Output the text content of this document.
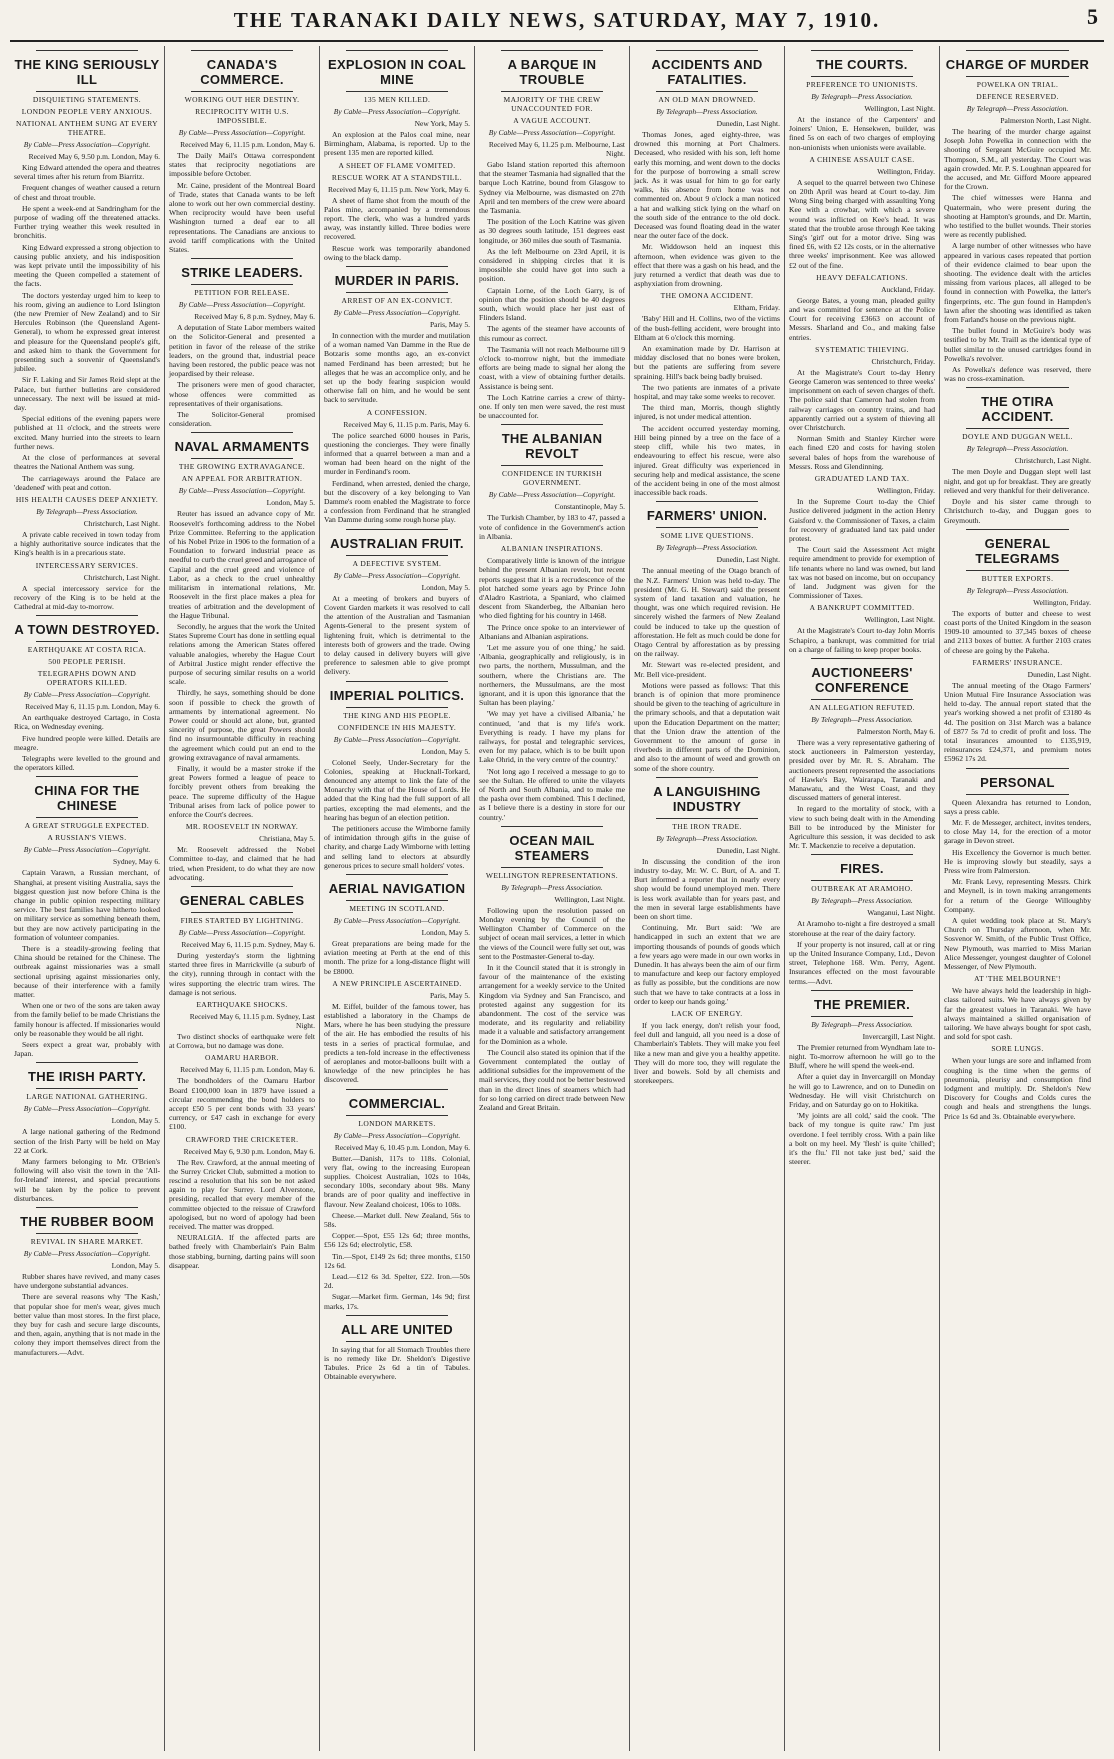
THE TARANAKI DAILY NEWS, SATURDAY, MAY 7, 1910.	5
THE KING SERIOUSLY ILL
DISQUIETING STATEMENTS.
LONDON PEOPLE VERY ANXIOUS.
NATIONAL ANTHEM SUNG AT EVERY THEATRE.
By Cable—Press Association—Copyright.
Received May 6, 9.50 p.m. London, May 6.

King Edward attended the opera and theatres several times after his return from Biarritz.

Frequent changes of weather caused a return of chest and throat trouble.

He spent a week-end at Sandringham for the purpose of wading off the threatened attacks. Further trying weather this week resulted in bronchitis.

King Edward expressed a strong objection to causing public anxiety, and his indisposition was kept private until the impossibility of his meeting the Queen compelled a statement of the facts.

The doctors yesterday urged him to keep to his room, giving an audience to Lord Islington (the new Premier of New Zealand) and to Sir Hercules Robinson (the Queensland Agent-General), to whom he expressed great interest and pleasure for the Queensland people's gift, and asked him to thank the Government for presenting such a souvenir of Queensland's jubilee.

Sir F. Laking and Sir James Reid slept at the Palace, but further bulletins are considered unnecessary. The next will be issued at mid-day.

Special editions of the evening papers were published at 11 o'clock, and the streets were excited. Many hurried into the streets to learn further news.

At the close of performances at several theatres the National Anthem was sung.

The carriageways around the Palace are 'deadened' with peat and cotton.

HIS HEALTH CAUSES DEEP ANXIETY.
By Telegraph—Press Association.
Christchurch, Last Night.

A private cable received in town today from a highly authoritative source indicates that the King's health is in a precarious state.

INTERCESSARY SERVICES.
Christchurch, Last Night.

A special intercessory service for the recovery of the King is to be held at the Cathedral at mid-day to-morrow.

A TOWN DESTROYED.
EARTHQUAKE AT COSTA RICA.
500 PEOPLE PERISH.
TELEGRAPHS DOWN AND OPERATORS KILLED.
By Cable—Press Association—Copyright.
Received May 6, 11.15 p.m. London, May 6.

An earthquake destroyed Cartago, in Costa Rica, on Wednesday evening.

Five hundred people were killed. Details are meagre.

Telegraphs were levelled to the ground and the operators killed.

CHINA FOR THE CHINESE
A GREAT STRUGGLE EXPECTED.
A RUSSIAN'S VIEWS.
By Cable—Press Association—Copyright.
Sydney, May 6.

Captain Varawn, a Russian merchant, of Shanghai, at present visiting Australia, says the biggest question just now before China is the change in public opinion respecting military service. The best families have hitherto looked on military service as something beneath them, but they are now actively participating in the formation of volunteer companies.

There is a steadily-growing feeling that China should be retained for the Chinese. The outbreak against missionaries was a small sectional uprising against missionaries only, because of their interference with a family matter.

When one or two of the sons are taken away from the family belief to be made Christians the family honour is affected. If missionaries would only be reasonable they would be all right.

Seers expect a great war, probably with Japan.

THE IRISH PARTY.
LARGE NATIONAL GATHERING.
By Cable—Press Association—Copyright.
London, May 5.

A large national gathering of the Redmond section of the Irish Party will be held on May 22 at Cork.

Many farmers belonging to Mr. O'Brien's following will also visit the town in the 'All-for-Ireland' interest, and special precautions will be taken by the police to prevent disturbances.

THE RUBBER BOOM
REVIVAL IN SHARE MARKET.
By Cable—Press Association—Copyright.
London, May 5.

Rubber shares have revived, and many cases have undergone substantial advances.

There are several reasons why 'The Kash,' that popular shoe for men's wear, gives much better value than most stores. In the first place, they buy for cash and secure large discounts, and then, again, anything that is not made in the colony they import themselves direct from the manufacturers.—Advt.

CANADA'S COMMERCE.
WORKING OUT HER DESTINY.
RECIPROCITY WITH U.S. IMPOSSIBLE.
By Cable—Press Association—Copyright.
Received May 6, 11.15 p.m. London, May 6.

The Daily Mail's Ottawa correspondent states that reciprocity negotiations are impossible before October.

Mr. Caine, president of the Montreal Board of Trade, states that Canada wants to be left alone to work out her own commercial destiny. When reciprocity would have been useful Washington turned a deaf ear to all representations. The Canadians are anxious to avoid tariff complications with the United States.

STRIKE LEADERS.
PETITION FOR RELEASE.
By Cable—Press Association—Copyright.
Received May 6, 8 p.m. Sydney, May 6.

A deputation of State Labor members waited on the Solicitor-General and presented a petition in favor of the release of the strike leaders, on the ground that, industrial peace having been restored, the public peace was not jeopardised by their release.

The prisoners were men of good character, whose offences were committed as representatives of their organisations.

The Solicitor-General promised consideration.

NAVAL ARMAMENTS
THE GROWING EXTRAVAGANCE.
AN APPEAL FOR ARBITRATION.
By Cable—Press Association—Copyright.
London, May 5.

Reuter has issued an advance copy of Mr. Roosevelt's forthcoming address to the Nobel Prize Committee. Referring to the application of his Nobel Prize in 1906 to the formation of a Foundation to forward industrial peace as needful to curb the cruel greed and arrogance of Capital and the cruel greed and violence of Labor, as a check to the cruel unhealthy militarism in international relations, Mr. Roosevelt in the first place makes a plea for treaties of arbitration and the development of the Hague Tribunal.

Secondly, he argues that the work the United States Supreme Court has done in settling equal relations among the American States offered valuable analogies, whereby the Hague Court of Arbitral Justice might render effective the purpose of securing similar results on a world scale.

Thirdly, he says, something should be done soon if possible to check the growth of armaments by international agreement. No Power could or should act alone, but, granted sincerity of purpose, the great Powers should find no insurmountable difficulty in reaching the agreement which could put an end to the growing extravagance of naval armaments.

Finally, it would be a master stroke if the great Powers formed a league of peace to forcibly prevent others from breaking the peace. The supreme difficulty of the Hague Tribunal arises from lack of police power to enforce the Court's decrees.

MR. ROOSEVELT IN NORWAY.
Christiana, May 5.

Mr. Roosevelt addressed the Nobel Committee to-day, and claimed that he had tried, when President, to do what they are now advocating.

GENERAL CABLES
FIRES STARTED BY LIGHTNING.
By Cable—Press Association—Copyright.
Received May 6, 11.15 p.m. Sydney, May 6.

During yesterday's storm the lightning started three fires in Marrickville (a suburb of the city), running through in contact with the wires supporting the electric tram wires. The damage is not serious.

EARTHQUAKE SHOCKS.
Received May 6, 11.15 p.m. Sydney, Last Night.

Two distinct shocks of earthquake were felt at Corrowa, but no damage was done.

OAMARU HARBOR.
Received May 6, 11.15 p.m. London, May 6.

The bondholders of the Oamaru Harbor Board £100,000 loan in 1879 have issued a circular recommending the bond holders to accept £50 5 per cent bonds with 33 years' currency, or £47 cash in exchange for every £100.

CRAWFORD THE CRICKETER.
Received May 6, 9.30 p.m. London, May 6.

The Rev. Crawford, at the annual meeting of the Surrey Cricket Club, submitted a motion to rescind a resolution that his son be not asked again to play for Surrey. Lord Alverstone, presiding, recalled that every member of the committee objected to the reissue of Crawford apologised, but no word of apology had been received. The matter was dropped.

NEURALGIA. If the affected parts are bathed freely with Chamberlain's Pain Balm those stabbing, burning, darting pains will soon disappear.

EXPLOSION IN COAL MINE
135 MEN KILLED.
By Cable—Press Association—Copyright.
New York, May 5.

An explosion at the Palos coal mine, near Birmingham, Alabama, is reported. Up to the present 135 men are reported killed.

A SHEET OF FLAME VOMITED.
RESCUE WORK AT A STANDSTILL.
Received May 6, 11.15 p.m. New York, May 6.

A sheet of flame shot from the mouth of the Palos mine, accompanied by a tremendous report. The clerk, who was a hundred yards away, was instantly killed. Three bodies were recovered.

Rescue work was temporarily abandoned owing to the black damp.

MURDER IN PARIS.
ARREST OF AN EX-CONVICT.
By Cable—Press Association—Copyright.
Paris, May 5.

In connection with the murder and mutilation of a woman named Van Damme in the Rue de Botzaris some months ago, an ex-convict named Ferdinand has been arrested; but he alleges that he was an accomplice only, and he set up the body fearing suspicion would otherwise fall on him, and he would be sent back to servitude.

A CONFESSION.
Received May 6, 11.15 p.m. Paris, May 6.

The police searched 6000 houses in Paris, questioning the concierges. They were finally informed that a quarrel between a man and a woman had been heard on the night of the murder in Ferdinand's room.

Ferdinand, when arrested, denied the charge, but the discovery of a key belonging to Van Damme's room enabled the Magistrate to force a confession from Ferdinand that he strangled Van Damme during some rough horse play.

AUSTRALIAN FRUIT.
A DEFECTIVE SYSTEM.
By Cable—Press Association—Copyright.
London, May 5.

At a meeting of brokers and buyers of Covent Garden markets it was resolved to call the attention of the Australian and Tasmanian Agents-General to the present system of lightening fruit, which is detrimental to the interests both of growers and the trade. Owing to delay caused in delivery buyers will give preference to salesmen able to give prompt delivery.

IMPERIAL POLITICS.
THE KING AND HIS PEOPLE.
CONFIDENCE IN HIS MAJESTY.
By Cable—Press Association—Copyright.
London, May 5.

Colonel Seely, Under-Secretary for the Colonies, speaking at Hucknall-Torkard, denounced any attempt to link the fate of the Monarchy with that of the House of Lords. He added that the King had the full support of all parties, excepting the mad elements, and the hearing has begun of an election petition.

The petitioners accuse the Wimborne family of intimidation through gifts in the guise of charity, and charge Lady Wimborne with letting and selling land to electors at absurdly generous prices to secure small holders' votes.

AERIAL NAVIGATION
MEETING IN SCOTLAND.
By Cable—Press Association—Copyright.
London, May 5.

Great preparations are being made for the aviation meeting at Perth at the end of this month. The prize for a long-distance flight will be £8000.

A NEW PRINCIPLE ASCERTAINED.
Paris, May 5.

M. Eiffel, builder of the famous tower, has established a laboratory in the Champs de Mars, where he has been studying the pressure of the air. He has embodied the results of his tests in a series of practical formulae, and predicts a ten-fold increase in the effectiveness of aeroplanes and motor-balloons built with a knowledge of the new principles he has discovered.

COMMERCIAL.
LONDON MARKETS.
By Cable—Press Association—Copyright.
Received May 6, 10.45 p.m. London, May 6.

Butter.—Danish, 117s to 118s. Colonial, very flat, owing to the increasing European supplies. Choicest Australian, 102s to 104s, secondary 100s, secondary about 98s. Many brands are of poor quality and ineffective in flavour. New Zealand choicest, 106s to 108s.

Cheese.—Market dull. New Zealand, 56s to 58s.

Copper.—Spot, £55 12s 6d; three months, £56 12s 6d; electrolytic, £58.

Tin.—Spot, £149 2s 6d; three months, £150 12s 6d.

Lead.—£12 6s 3d. Spelter, £22. Iron.—50s 2d.

Sugar.—Market firm. German, 14s 9d; first marks, 17s.

ALL ARE UNITED

In saying that for all Stomach Troubles there is no remedy like Dr. Sheldon's Digestive Tabules. Price 2s 6d a tin of Tabules. Obtainable everywhere.

A BARQUE IN TROUBLE
MAJORITY OF THE CREW UNACCOUNTED FOR.
A VAGUE ACCOUNT.
By Cable—Press Association—Copyright.
Received May 6, 11.25 p.m. Melbourne, Last Night.

Gabo Island station reported this afternoon that the steamer Tasmania had signalled that the barque Loch Katrine, bound from Glasgow to Sydney via Melbourne, was dismasted on 27th April and ten members of the crew were aboard the Tasmania.

The position of the Loch Katrine was given as 30 degrees south latitude, 151 degrees east longitude, or 360 miles due south of Tasmania.

As the left Melbourne on 23rd April, it is considered in shipping circles that it is impossible she could have got into such a position.

Captain Lorne, of the Loch Garry, is of opinion that the position should be 40 degrees south, which would place her just east of Flinders Island.

The agents of the steamer have accounts of this rumour as correct.

The Tasmania will not reach Melbourne till 9 o'clock to-morrow night, but the immediate efforts are being made to signal her along the coast, with a view of obtaining further details. Assistance is being sent.

The Loch Katrine carries a crew of thirty-one. If only ten men were saved, the rest must be unaccounted for.

THE ALBANIAN REVOLT
CONFIDENCE IN TURKISH GOVERNMENT.
By Cable—Press Association—Copyright.
Constantinople, May 5.

The Turkish Chamber, by 183 to 47, passed a vote of confidence in the Government's action in Albania.

ALBANIAN INSPIRATIONS.

Comparatively little is known of the intrigue behind the present Albanian revolt, but recent reports suggest that it is a recrudescence of the plot hatched some years ago by Prince John d'Aladro Kastriota, a Spaniard, who claimed descent from Skanderbeg, the Albanian hero who died fighting for his country in 1468.

The Prince once spoke to an interviewer of Albanians and Albanian aspirations.

'Let me assure you of one thing,' he said. 'Albania, geographically and religiously, is in two parts, the northern, Mussulman, and the southern, where the Christians are. The northerners, the Mussulmans, are the most ignorant, and it is upon this ignorance that the Sultan has been playing.'

'We may yet have a civilised Albania,' he continued, 'and that is my life's work. Everything is ready. I have my plans for railways, for postal and telegraphic services, even for my palace, which is to be built upon Lake Ohrid, in the very centre of the country.'

'Not long ago I received a message to go to see the Sultan. He offered to unite the vilayets of North and South Albania, and to make me the pasha over them combined. This I declined, as I believe there is a destiny in store for our country.'

OCEAN MAIL STEAMERS
WELLINGTON REPRESENTATIONS.
By Telegraph—Press Association.
Wellington, Last Night.

Following upon the resolution passed on Monday evening by the Council of the Wellington Chamber of Commerce on the subject of ocean mail services, a letter in which the views of the Council were fully set out, was sent to the Postmaster-General to-day.

In it the Council stated that it is strongly in favour of the maintenance of the existing arrangement for a weekly service to the United Kingdom via Sydney and San Francisco, and protested against any suggestion for its abandonment. The cost of the service was moderate, and its regularity and reliability made it a valuable and satisfactory arrangement for the Dominion as a whole.

The Council also stated its opinion that if the Government contemplated the outlay of additional subsidies for the improvement of the mail services, they could not be better bestowed than in the direct lines of steamers which had for so long carried on direct trade between New Zealand and Great Britain.

ACCIDENTS AND FATALITIES.
AN OLD MAN DROWNED.
By Telegraph—Press Association.
Dunedin, Last Night.

Thomas Jones, aged eighty-three, was drowned this morning at Port Chalmers. Deceased, who resided with his son, left home early this morning, and went down to the docks for the purpose of borrowing a small screw jack. As it was usual for him to go for early walks, his absence from home was not commented on. About 9 o'clock a man noticed a hat and walking stick lying on the wharf on the south side of the entrance to the old dock. Deceased was found floating dead in the water near the outer face of the dock.

Mr. Widdowson held an inquest this afternoon, when evidence was given to the effect that there was a gash on his head, and the jury returned a verdict that death was due to asphyxiation from drowning.

THE OMONA ACCIDENT.
Eltham, Friday.

'Baby' Hill and H. Collins, two of the victims of the bush-felling accident, were brought into Eltham at 6 o'clock this morning.

An examination made by Dr. Harrison at midday disclosed that no bones were broken, but the patients are suffering from severe spraining. Hill's back being badly bruised.

The two patients are inmates of a private hospital, and may take some weeks to recover.

The third man, Morris, though slightly injured, is not under medical attention.

The accident occurred yesterday morning, Hill being pinned by a tree on the face of a steep cliff, while his two mates, in endeavouring to effect his rescue, were also injured. Great difficulty was experienced in securing help and medical assistance, the scene of the accident being in one of the most almost inaccessible back roads.

FARMERS' UNION.
SOME LIVE QUESTIONS.
By Telegraph—Press Association.
Dunedin, Last Night.

The annual meeting of the Otago branch of the N.Z. Farmers' Union was held to-day. The president (Mr. G. H. Stewart) said the present system of land taxation and valuation, he thought, was one which required revision. He sincerely wished the farmers of New Zealand could be induced to take up the question of afforestation. He felt as much could be done for Otago Central by afforestation as by pressing on the railway.

Mr. Stewart was re-elected president, and Mr. Bell vice-president.

Motions were passed as follows: That this branch is of opinion that more prominence should be given to the teaching of agriculture in the primary schools, and that a deputation wait upon the Education Department on the matter; that the Union draw the attention of the Government to the amount of gorse in riverbeds in different parts of the Dominion, and also to the amount of weed and growth on some of the shore country.

A LANGUISHING INDUSTRY
THE IRON TRADE.
By Telegraph—Press Association.
Dunedin, Last Night.

In discussing the condition of the iron industry to-day, Mr. W. C. Burt, of A. and T. Burt informed a reporter that in nearly every shop would be found unemployed men. There is less work available than for years past, and the men in several large establishments have been on short time.

Continuing, Mr. Burt said: 'We are handicapped in such an extent that we are importing thousands of pounds of goods which a few years ago were made in our own works in Dunedin. It has always been the aim of our firm to manufacture and keep our factory employed as fully as possible, but the conditions are now such that we have to take contracts at a loss in order to keep our hands going.'

LACK OF ENERGY.

If you lack energy, don't relish your food, feel dull and languid, all you need is a dose of Chamberlain's Tablets. They will make you feel like a new man and give you a healthy appetite. They will do more too, they will regulate the liver and bowels. Sold by all chemists and storekeepers.

THE COURTS.
PREFERENCE TO UNIONISTS.
By Telegraph—Press Association.
Wellington, Last Night.

At the instance of the Carpenters' and Joiners' Union, E. Hensekwen, builder, was fined 5s on each of two charges of employing non-unionists when unionists were available.

A CHINESE ASSAULT CASE.
Wellington, Friday.

A sequel to the quarrel between two Chinese on 20th April was heard at Court to-day. Jim Wong Sing being charged with assaulting Yong Kee with a crowbar, with which a severe wound was inflicted on Kee's head. It was stated that the trouble arose through Kee taking Sing's 'girl' out for a motor drive. Sing was fined £6, with £2 12s costs, or in the alternative three weeks' imprisonment. Kee was allowed £2 out of the fine.

HEAVY DEFALCATIONS.
Auckland, Friday.

George Bates, a young man, pleaded guilty and was committed for sentence at the Police Court for receiving £3663 on account of Messrs. Sharland and Co., and making false entries.

SYSTEMATIC THIEVING.
Christchurch, Friday.

At the Magistrate's Court to-day Henry George Cameron was sentenced to three weeks' imprisonment on each of seven charges of theft. The police said that Cameron had stolen from railway carriages on country trains, and had apparently carried out a system of thieving all over Christchurch.

Norman Smith and Stanley Kircher were each fined £20 and costs for having stolen several bales of hops from the warehouse of Messrs. Ross and Glendinning.

GRADUATED LAND TAX.
Wellington, Friday.

In the Supreme Court to-day the Chief Justice delivered judgment in the action Henry Gaisford v. the Commissioner of Taxes, a claim for recovery of graduated land tax paid under protest.

The Court said the Assessment Act might require amendment to provide for exemption of life tenants where no land was owned, but land tax was not based on income, but on occupancy of land. Judgment was given for the Commissioner of Taxes.

A BANKRUPT COMMITTED.
Wellington, Last Night.

At the Magistrate's Court to-day John Morris Schapiro, a bankrupt, was committed for trial on a charge of failing to keep proper books.

AUCTIONEERS' CONFERENCE
AN ALLEGATION REFUTED.
By Telegraph—Press Association.
Palmerston North, May 6.

There was a very representative gathering of stock auctioneers in Palmerston yesterday, presided over by Mr. R. S. Abraham. The auctioneers present represented the associations of Hawke's Bay, Wairarapa, Taranaki and Manawatu, and the West Coast, and they discussed matters of general interest.

In regard to the mortality of stock, with a view to such being dealt with in the Amending Bill to be introduced by the Minister for Agriculture this session, it was decided to ask Mr. T. Mackenzie to receive a deputation.

FIRES.
OUTBREAK AT ARAMOHO.
By Telegraph—Press Association.
Wanganui, Last Night.

At Aramoho to-night a fire destroyed a small storehouse at the rear of the dairy factory.

If your property is not insured, call at or ring up the United Insurance Company, Ltd., Devon street, Telephone 168. Wm. Perry, Agent. Insurances effected on the most favourable terms.—Advt.

THE PREMIER.
By Telegraph—Press Association.
Invercargill, Last Night.

The Premier returned from Wyndham late to-night. To-morrow afternoon he will go to the Bluff, where he will spend the week-end.

After a quiet day in Invercargill on Monday he will go to Lawrence, and on to Dunedin on Wednesday. He will visit Christchurch on Friday, and on Saturday go on to Hokitika.

'My joints are all cold,' said the cook. 'The back of my tongue is quite raw.' I'm just overdone. I feel terribly cross. With a pain like a bolt on my heel. My 'flesh' is quite 'chilled'; it's the flu.' I'll not take just bed,' said the steerer.

CHARGE OF MURDER
POWELKA ON TRIAL.
DEFENCE RESERVED.
By Telegraph—Press Association.
Palmerston North, Last Night.

The hearing of the murder charge against Joseph John Powelka in connection with the shooting of Sergeant McGuire occupied Mr. Thompson, S.M., all yesterday. The Court was again crowded. Mr. P. S. Loughnan appeared for the accused, and Mr. Gifford Moore appeared for the Crown.

The chief witnesses were Hanna and Quatermain, who were present during the shooting at Hampton's grounds, and Dr. Martin, who testified to the bullet wounds. Their stories were as recently published.

A large number of other witnesses who have appeared in various cases repeated that portion of their evidence claimed to bear upon the shooting. The evidence dealt with the articles missing from various places, all alleged to be found in connection with Powelka, the latter's fingerprints, etc. The gun found in Hampden's lawn after the shooting was identified as taken from Farland's house on the previous night.

The bullet found in McGuire's body was testified to by Mr. Traill as the identical type of bullet similar to the unused cartridges found in Powelka's revolver.

As Powelka's defence was reserved, there was no cross-examination.

THE OTIRA ACCIDENT.
DOYLE AND DUGGAN WELL.
By Telegraph—Press Association.
Christchurch, Last Night.

The men Doyle and Duggan slept well last night, and got up for breakfast. They are greatly relieved and very thankful for their deliverance.

Doyle and his sister came through to Christchurch to-day, and Duggan goes to Greymouth.

GENERAL TELEGRAMS
BUTTER EXPORTS.
By Telegraph—Press Association.
Wellington, Friday.

The exports of butter and cheese to west coast ports of the United Kingdom in the season 1909-10 amounted to 37,345 boxes of cheese and 2113 boxes of butter. A further 2103 crates of cheese are going by the Pakeha.

FARMERS' INSURANCE.
Dunedin, Last Night.

The annual meeting of the Otago Farmers' Union Mutual Fire Insurance Association was held to-day. The annual report stated that the year's working showed a net profit of £3180 4s 4d. The position on 31st March was a balance of £877 5s 7d to credit of profit and loss. The total insurances amounted to £135,919, reinsurances £24,371, and premium notes £5962 17s 2d.

PERSONAL

Queen Alexandra has returned to London, says a press cable.

Mr. F. de Messeger, architect, invites tenders, to close May 14, for the erection of a motor garage in Devon street.

His Excellency the Governor is much better. He is improving slowly but steadily, says a Press wire from Palmerston.

Mr. Frank Levy, representing Messrs. Chirk and Meynell, is in town making arrangements for a return of the George Willoughby Company.

A quiet wedding took place at St. Mary's Church on Thursday afternoon, when Mr. Sosvenor W. Smith, of the Public Trust Office, New Plymouth, was married to Miss Marian Alice Messenger, youngest daughter of Colonel Messenger, of New Plymouth.

AT 'THE MELBOURNE'!

We have always held the leadership in high-class tailored suits. We have always given by far the greatest values in Taranaki. We have always maintained a skilled organisation of tailoring. We have always bought for spot cash, and sold for spot cash.

SORE LUNGS.

When your lungs are sore and inflamed from coughing is the time when the germs of pneumonia, pleurisy and consumption find lodgment and multiply. Dr. Sheldon's New Discovery for Coughs and Colds cures the cough and heals and strengthens the lungs. Price 1s 6d and 3s. Obtainable everywhere.
